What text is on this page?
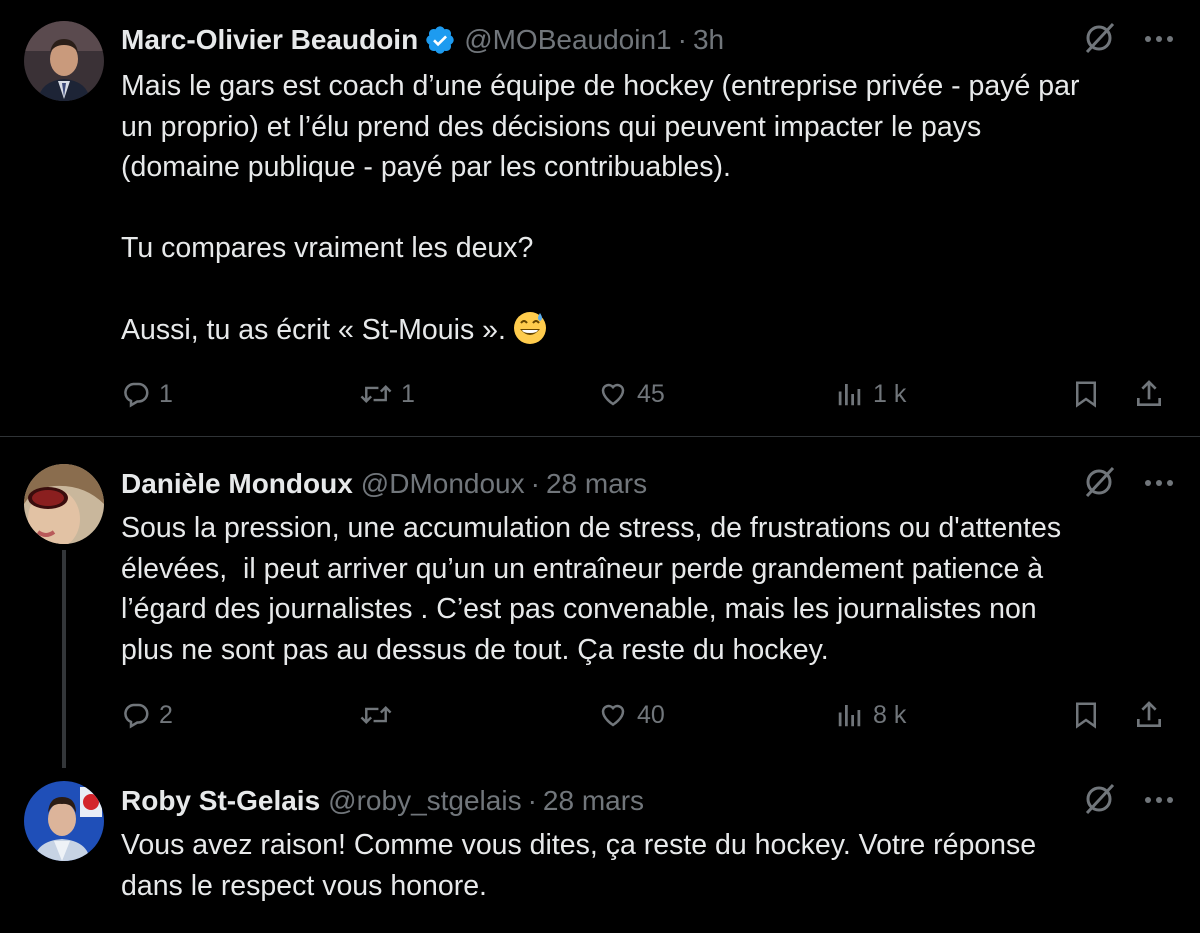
Marc-Olivier Beaudoin @MOBeaudoin1 · 3h
Mais le gars est coach d’une équipe de hockey (entreprise privée - payé par
un proprio) et l’élu prend des décisions qui peuvent impacter le pays
(domaine publique - payé par les contribuables).

Tu compares vraiment les deux?

Aussi, tu as écrit « St-Mouis ».
1	1	45	1 k
Danièle Mondoux @DMondoux · 28 mars
Sous la pression, une accumulation de stress, de frustrations ou d'attentes
élevées,  il peut arriver qu’un un entraîneur perde grandement patience à
l’égard des journalistes . C’est pas convenable, mais les journalistes non
plus ne sont pas au dessus de tout. Ça reste du hockey.
2	40	8 k
Roby St-Gelais @roby_stgelais · 28 mars
Vous avez raison! Comme vous dites, ça reste du hockey. Votre réponse
dans le respect vous honore.
